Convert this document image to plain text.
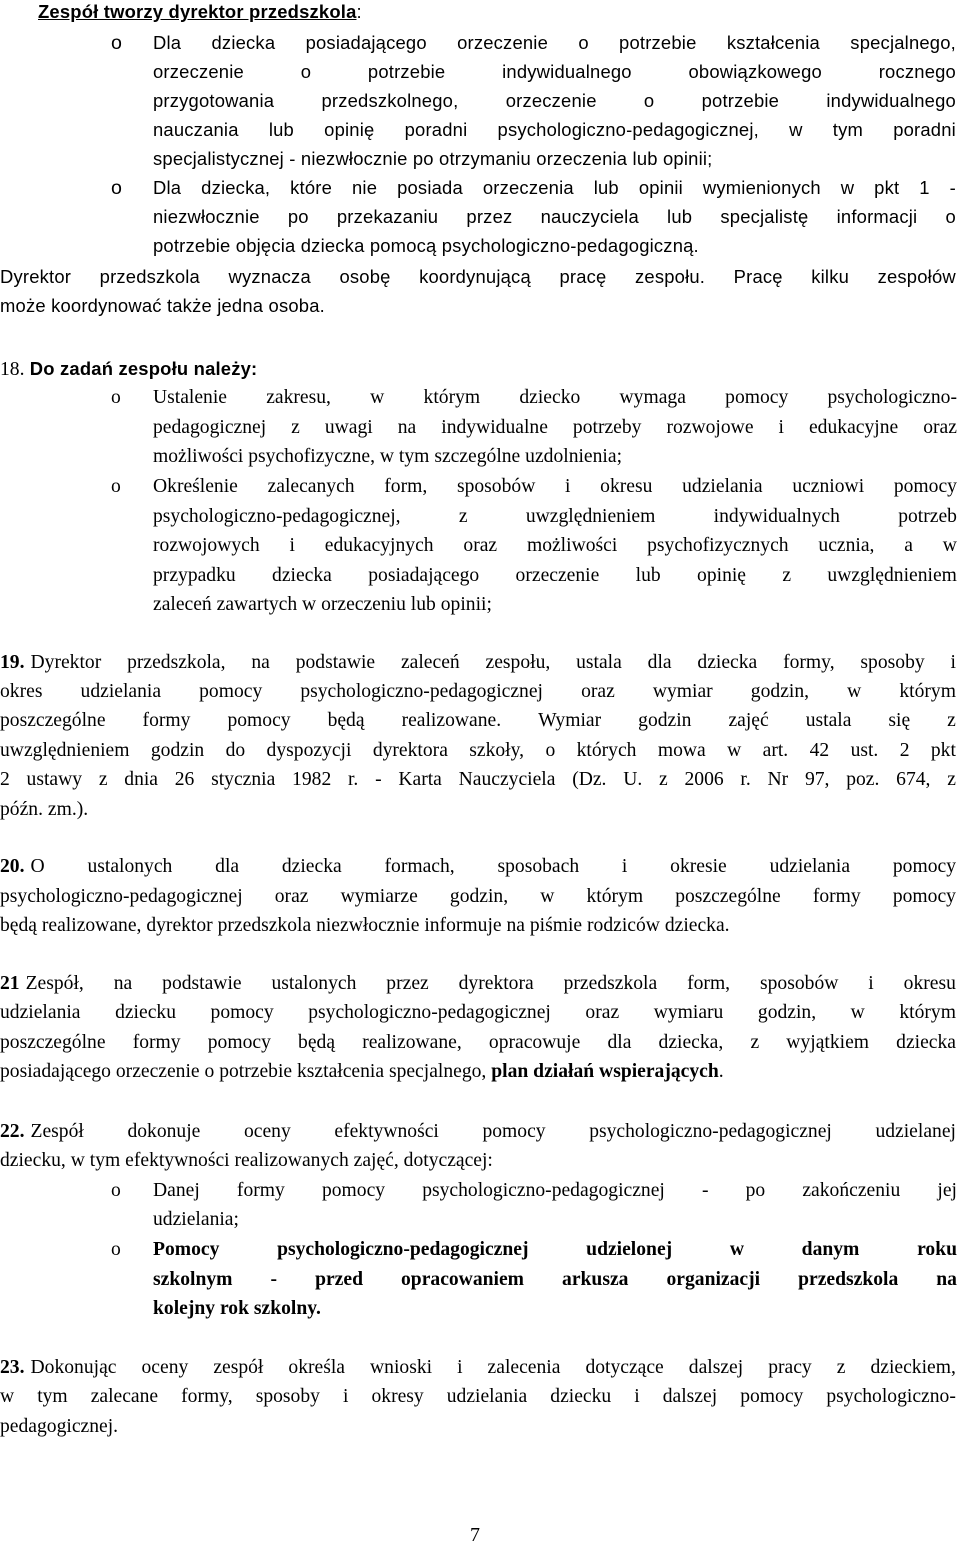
Zespół tworzy dyrektor przedszkola:
o Dla dziecka posiadającego orzeczenie o potrzebie kształcenia specjalnego,
orzeczenie	o	potrzebie	indywidualnego	obowiązkowego	rocznego
przygotowania	przedszkolnego,	orzeczenie	o	potrzebie	indywidualnego
nauczania lub opinię poradni psychologiczno-pedagogicznej, w tym poradni
specjalistycznej - niezwłocznie po otrzymaniu orzeczenia lub opinii;
o Dla dziecka, które nie posiada orzeczenia lub opinii wymienionych w pkt 1 -
niezwłocznie po przekazaniu przez nauczyciela lub specjalistę informacji o
potrzebie objęcia dziecka pomocą psychologiczno-pedagogiczną.
Dyrektor przedszkola wyznacza osobę koordynującą pracę zespołu. Pracę kilku zespołów
może koordynować także jedna osoba.
18. Do zadań zespołu należy:
o Ustalenie zakresu, w którym dziecko wymaga pomocy psychologiczno-
pedagogicznej z uwagi na indywidualne potrzeby rozwojowe i edukacyjne oraz
możliwości psychofizyczne, w tym szczególne uzdolnienia;
o Określenie zalecanych form, sposobów i okresu udzielania uczniowi pomocy
psychologiczno-pedagogicznej,	z	uwzględnieniem	indywidualnych	potrzeb
rozwojowych i edukacyjnych oraz możliwości psychofizycznych ucznia, a w
przypadku dziecka posiadającego orzeczenie lub opinię z uwzględnieniem
zaleceń zawartych w orzeczeniu lub opinii;
19. Dyrektor przedszkola, na podstawie zaleceń zespołu, ustala dla dziecka formy, sposoby i
okres udzielania pomocy psychologiczno-pedagogicznej oraz wymiar godzin, w którym
poszczególne formy pomocy będą realizowane. Wymiar godzin zajęć ustala się z
uwzględnieniem godzin do dyspozycji dyrektora szkoły, o których mowa w art. 42 ust. 2 pkt
2 ustawy z dnia 26 stycznia 1982 r. - Karta Nauczyciela (Dz. U. z 2006 r. Nr 97, poz. 674, z
późn. zm.).
20. O ustalonych dla dziecka formach, sposobach i okresie udzielania pomocy
psychologiczno-pedagogicznej oraz wymiarze godzin, w którym poszczególne formy pomocy
będą realizowane, dyrektor przedszkola niezwłocznie informuje na piśmie rodziców dziecka.
21 Zespół, na podstawie ustalonych przez dyrektora przedszkola form, sposobów i okresu
udzielania dziecku pomocy psychologiczno-pedagogicznej oraz wymiaru godzin, w którym
poszczególne formy pomocy będą realizowane, opracowuje dla dziecka, z wyjątkiem dziecka
posiadającego orzeczenie o potrzebie kształcenia specjalnego, plan działań wspierających.
22. Zespół dokonuje oceny efektywności pomocy psychologiczno-pedagogicznej udzielanej
dziecku, w tym efektywności realizowanych zajęć, dotyczącej:
o Danej formy pomocy psychologiczno-pedagogicznej - po zakończeniu jej
udzielania;
o Pomocy	psychologiczno-pedagogicznej	udzielonej	w	danym	roku
szkolnym - przed opracowaniem arkusza organizacji przedszkola na
kolejny rok szkolny.
23. Dokonując oceny zespół określa wnioski i zalecenia dotyczące dalszej pracy z dzieckiem,
w tym zalecane formy, sposoby i okresy udzielania dziecku i dalszej pomocy psychologiczno-
pedagogicznej.
7
